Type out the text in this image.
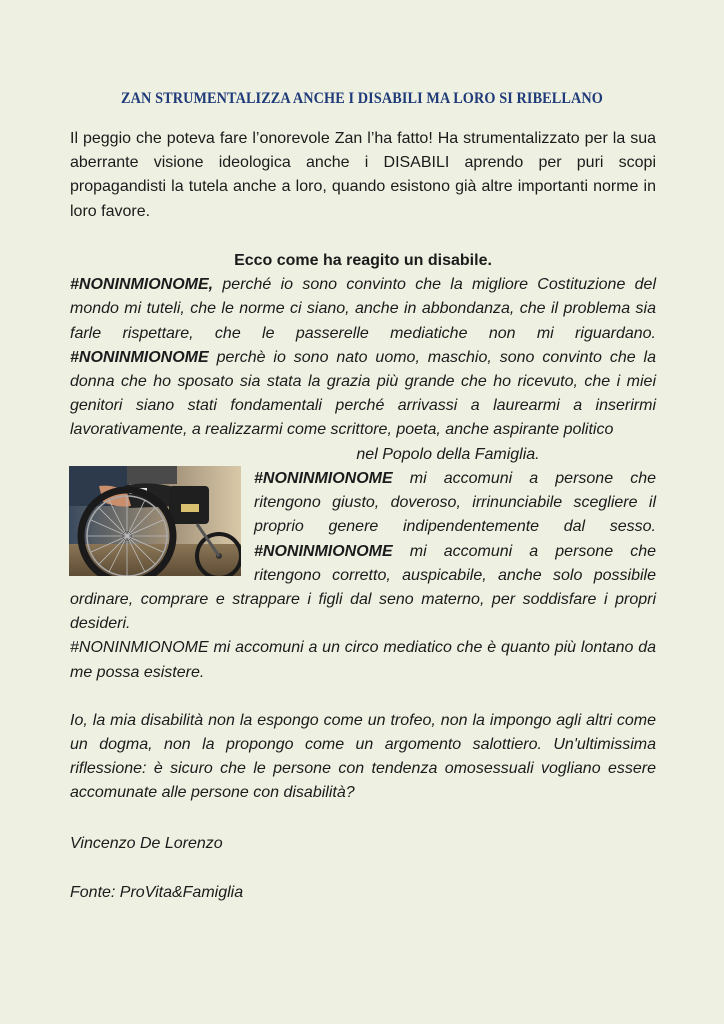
ZAN STRUMENTALIZZA ANCHE I DISABILI MA LORO SI RIBELLANO
Il peggio che poteva fare l’onorevole Zan l’ha fatto! Ha strumentalizzato per la sua aberrante visione ideologica anche i DISABILI aprendo per puri scopi propagandisti la tutela anche a loro, quando esistono già altre importanti norme in loro favore.
Ecco come ha reagito un disabile.
#NONINMIONOME, perché io sono convinto che la migliore Costituzione del mondo mi tuteli, che le norme ci siano, anche in abbondanza, che il problema sia farle rispettare, che le passerelle mediatiche non mi riguardano. #NONINMIONOME perchè io sono nato uomo, maschio, sono convinto che la donna che ho sposato sia stata la grazia più grande che ho ricevuto, che i miei genitori siano stati fondamentali perché arrivassi a laurearmi a inserirmi lavorativamente, a realizzarmi come scrittore, poeta, anche aspirante politico
nel Popolo della Famiglia.
#NONINMIONOME mi accomuni a persone che ritengono giusto, doveroso, irrinunciabile scegliere il proprio genere indipendentemente dal sesso. #NONINMIONOME mi accomuni a persone che ritengono corretto, auspicabile, anche solo possibile ordinare, comprare e strappare i figli dal seno materno, per soddisfare i propri desideri.
#NONINMIONOME mi accomuni a un circo mediatico che è quanto più lontano da me possa esistere.
Io, la mia disabilità non la espongo come un trofeo, non la impongo agli altri come un dogma, non la propongo come un argomento salottiero. Un'ultimissima riflessione: è sicuro che le persone con tendenza omosessuali vogliano essere accomunate alle persone con disabilità?
Vincenzo De Lorenzo
Fonte: ProVita&Famiglia
